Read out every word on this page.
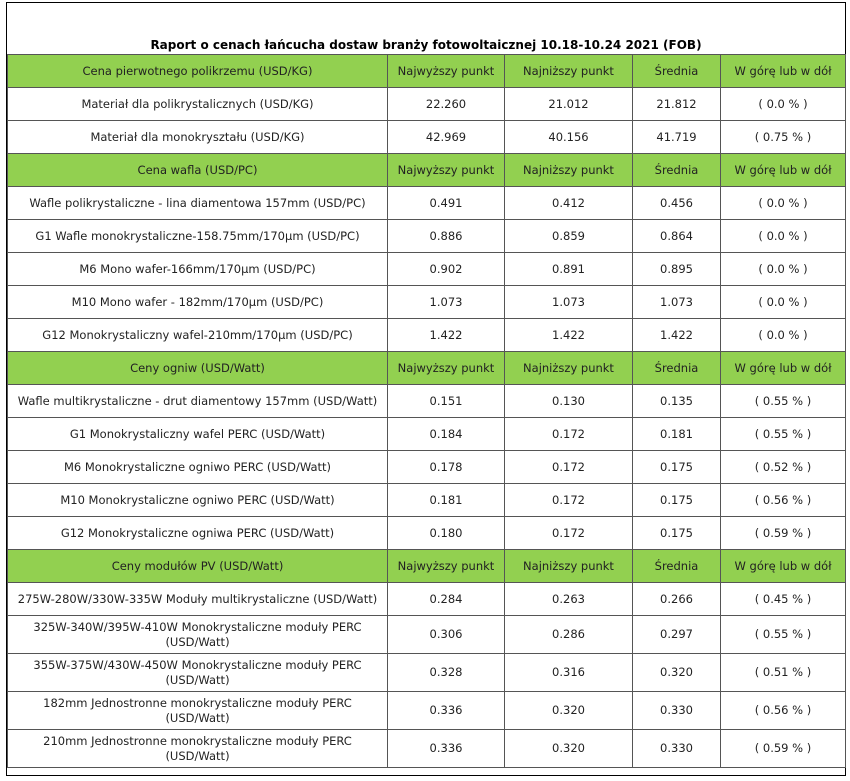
Raport o cenach łańcucha dostaw branży fotowoltaicznej 10.18-10.24 2021 (FOB)
Cena pierwotnego polikrzemu (USD/KG)	Najwyższy punkt	Najniższy punkt	Średnia	W górę lub w dół
Materiał dla polikrystalicznych (USD/KG)	22.260	21.012	21.812	( 0.0 % )
Materiał dla monokryształu (USD/KG)	42.969	40.156	41.719	( 0.75 % )
Cena wafla (USD/PC)	Najwyższy punkt	Najniższy punkt	Średnia	W górę lub w dół
Wafle polikrystaliczne - lina diamentowa 157mm (USD/PC)	0.491	0.412	0.456	( 0.0 % )
G1 Wafle monokrystaliczne-158.75mm/170μm (USD/PC)	0.886	0.859	0.864	( 0.0 % )
M6 Mono wafer-166mm/170μm (USD/PC)	0.902	0.891	0.895	( 0.0 % )
M10 Mono wafer - 182mm/170μm (USD/PC)	1.073	1.073	1.073	( 0.0 % )
G12 Monokrystaliczny wafel-210mm/170μm (USD/PC)	1.422	1.422	1.422	( 0.0 % )
Ceny ogniw (USD/Watt)	Najwyższy punkt	Najniższy punkt	Średnia	W górę lub w dół
Wafle multikrystaliczne - drut diamentowy 157mm (USD/Watt)	0.151	0.130	0.135	( 0.55 % )
G1 Monokrystaliczny wafel PERC (USD/Watt)	0.184	0.172	0.181	( 0.55 % )
M6 Monokrystaliczne ogniwo PERC (USD/Watt)	0.178	0.172	0.175	( 0.52 % )
M10 Monokrystaliczne ogniwo PERC (USD/Watt)	0.181	0.172	0.175	( 0.56 % )
G12 Monokrystaliczne ogniwa PERC (USD/Watt)	0.180	0.172	0.175	( 0.59 % )
Ceny modułów PV (USD/Watt)	Najwyższy punkt	Najniższy punkt	Średnia	W górę lub w dół
275W-280W/330W-335W Moduły multikrystaliczne (USD/Watt)	0.284	0.263	0.266	( 0.45 % )
325W-340W/395W-410W Monokrystaliczne moduły PERC (USD/Watt)	0.306	0.286	0.297	( 0.55 % )
355W-375W/430W-450W Monokrystaliczne moduły PERC (USD/Watt)	0.328	0.316	0.320	( 0.51 % )
182mm Jednostronne monokrystaliczne moduły PERC (USD/Watt)	0.336	0.320	0.330	( 0.56 % )
210mm Jednostronne monokrystaliczne moduły PERC (USD/Watt)	0.336	0.320	0.330	( 0.59 % )
